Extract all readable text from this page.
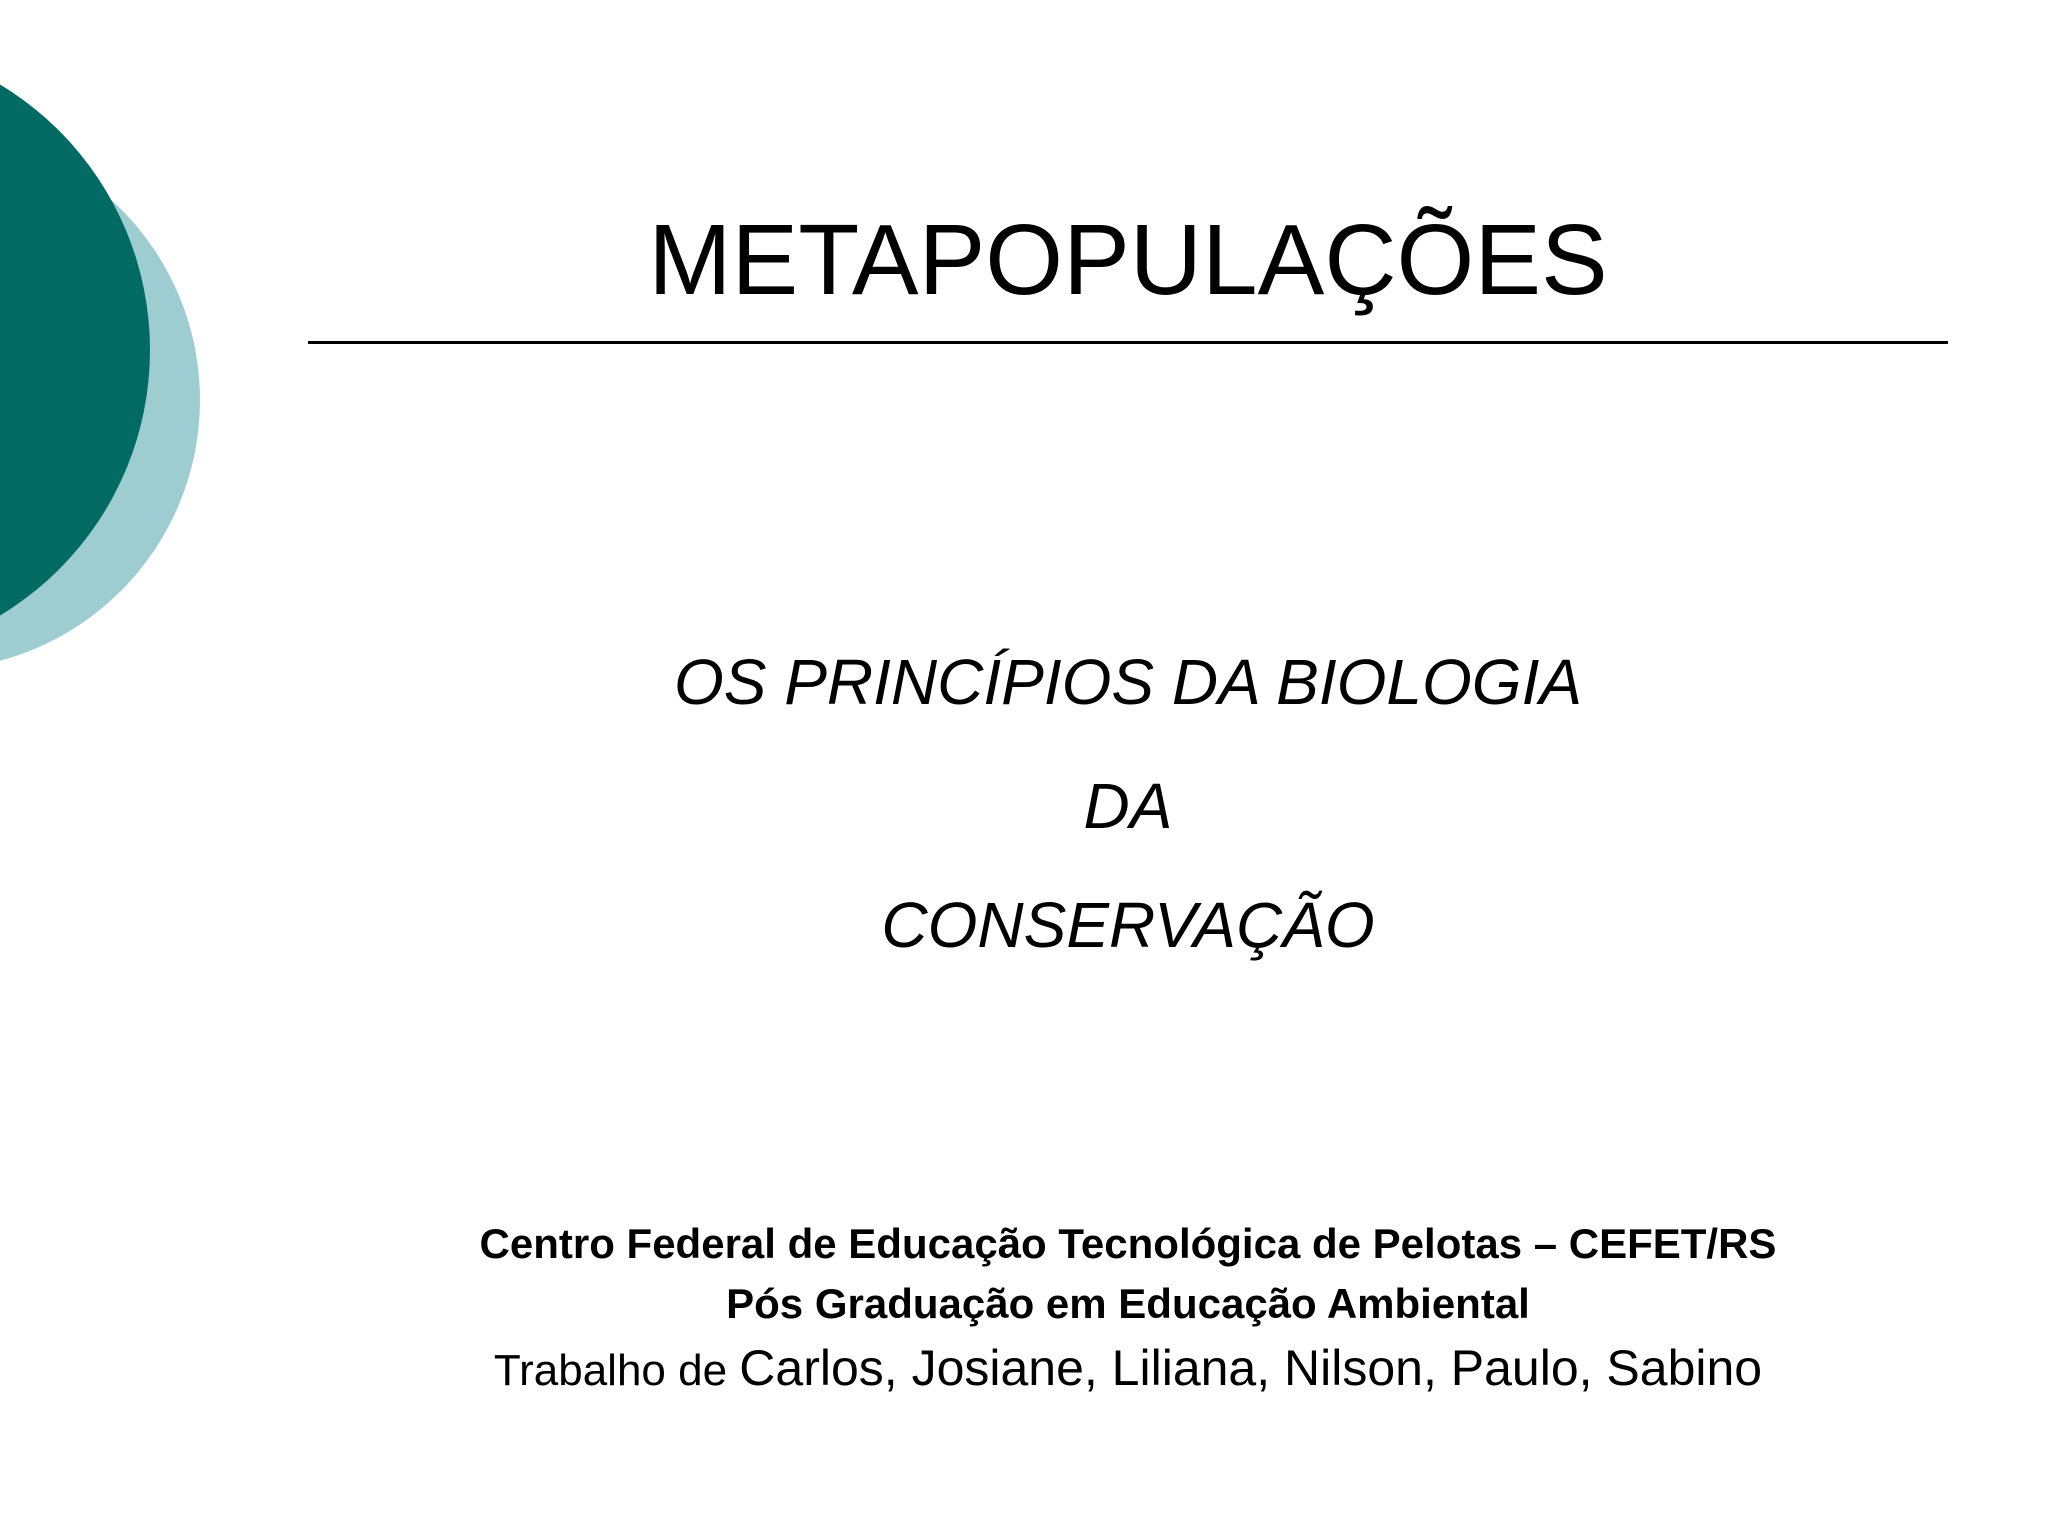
METAPOPULAÇÕES
OS PRINCÍPIOS DA BIOLOGIA
DA
CONSERVAÇÃO
Centro Federal de Educação Tecnológica de Pelotas – CEFET/RS
Pós Graduação em Educação Ambiental
Trabalho de Carlos, Josiane, Liliana, Nilson, Paulo, Sabino
